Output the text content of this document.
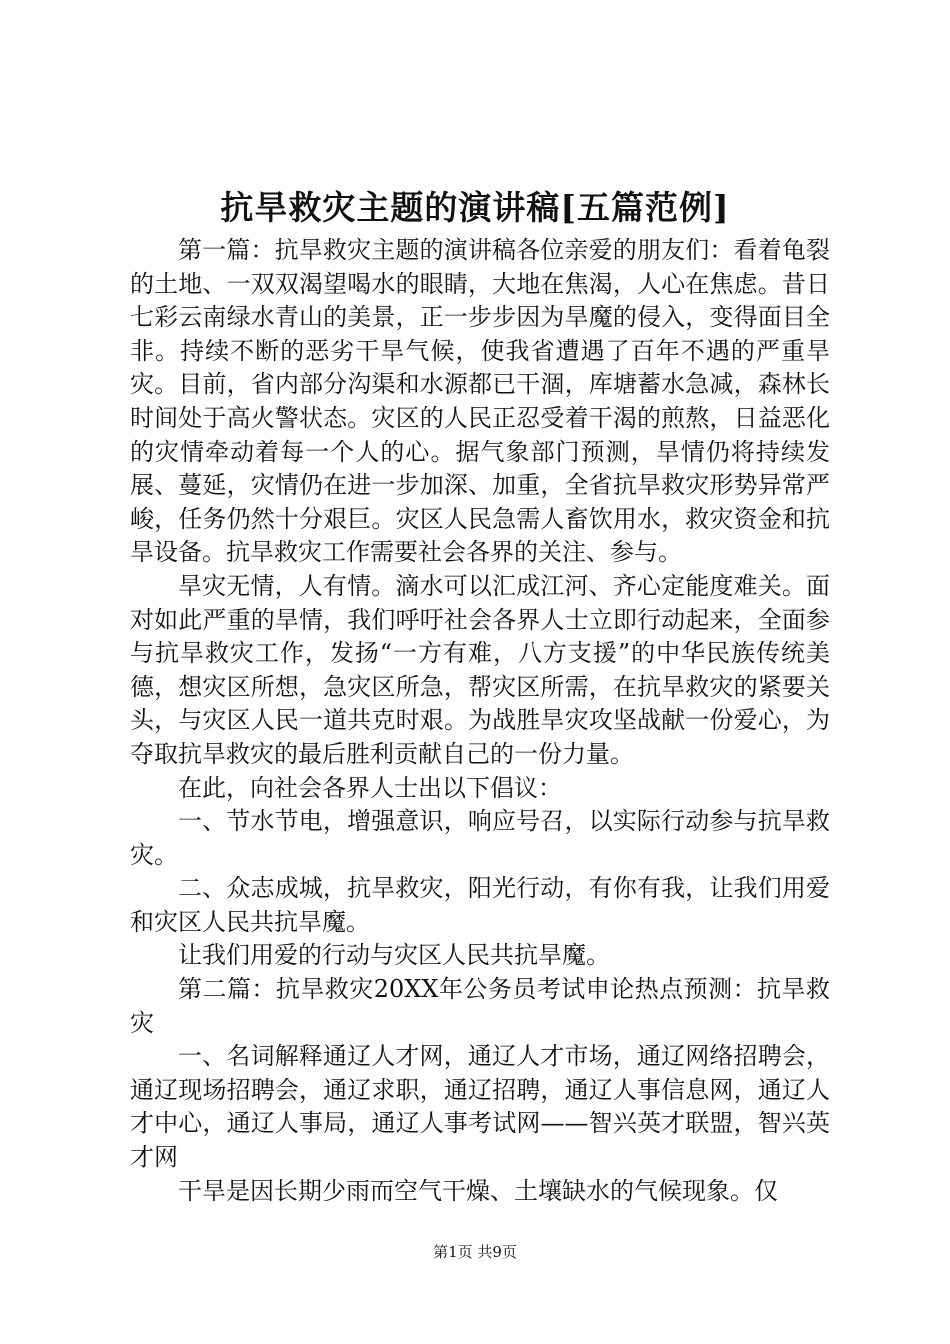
抗旱救灾主题的演讲稿[五篇范例]

第一篇：抗旱救灾主题的演讲稿各位亲爱的朋友们：看着龟裂的土地、一双双渴望喝水的眼睛，大地在焦渴，人心在焦虑。昔日七彩云南绿水青山的美景，正一步步因为旱魔的侵入，变得面目全非。持续不断的恶劣干旱气候，使我省遭遇了百年不遇的严重旱灾。目前，省内部分沟渠和水源都已干涸，库塘蓄水急减，森林长时间处于高火警状态。灾区的人民正忍受着干渴的煎熬，日益恶化的灾情牵动着每一个人的心。据气象部门预测，旱情仍将持续发展、蔓延，灾情仍在进一步加深、加重，全省抗旱救灾形势异常严峻，任务仍然十分艰巨。灾区人民急需人畜饮用水，救灾资金和抗旱设备。抗旱救灾工作需要社会各界的关注、参与。

旱灾无情，人有情。滴水可以汇成江河、齐心定能度难关。面对如此严重的旱情，我们呼吁社会各界人士立即行动起来，全面参与抗旱救灾工作，发扬“一方有难，八方支援”的中华民族传统美德，想灾区所想，急灾区所急，帮灾区所需，在抗旱救灾的紧要关头，与灾区人民一道共克时艰。为战胜旱灾攻坚战献一份爱心，为夺取抗旱救灾的最后胜利贡献自己的一份力量。

在此，向社会各界人士出以下倡议：

一、节水节电，增强意识，响应号召，以实际行动参与抗旱救灾。

二、众志成城，抗旱救灾，阳光行动，有你有我，让我们用爱和灾区人民共抗旱魔。

让我们用爱的行动与灾区人民共抗旱魔。

第二篇：抗旱救灾20XX年公务员考试申论热点预测：抗旱救灾

一、名词解释通辽人才网，通辽人才市场，通辽网络招聘会，通辽现场招聘会，通辽求职，通辽招聘，通辽人事信息网，通辽人才中心，通辽人事局，通辽人事考试网——智兴英才联盟，智兴英才网

干旱是因长期少雨而空气干燥、土壤缺水的气候现象。仅

第1页 共9页
